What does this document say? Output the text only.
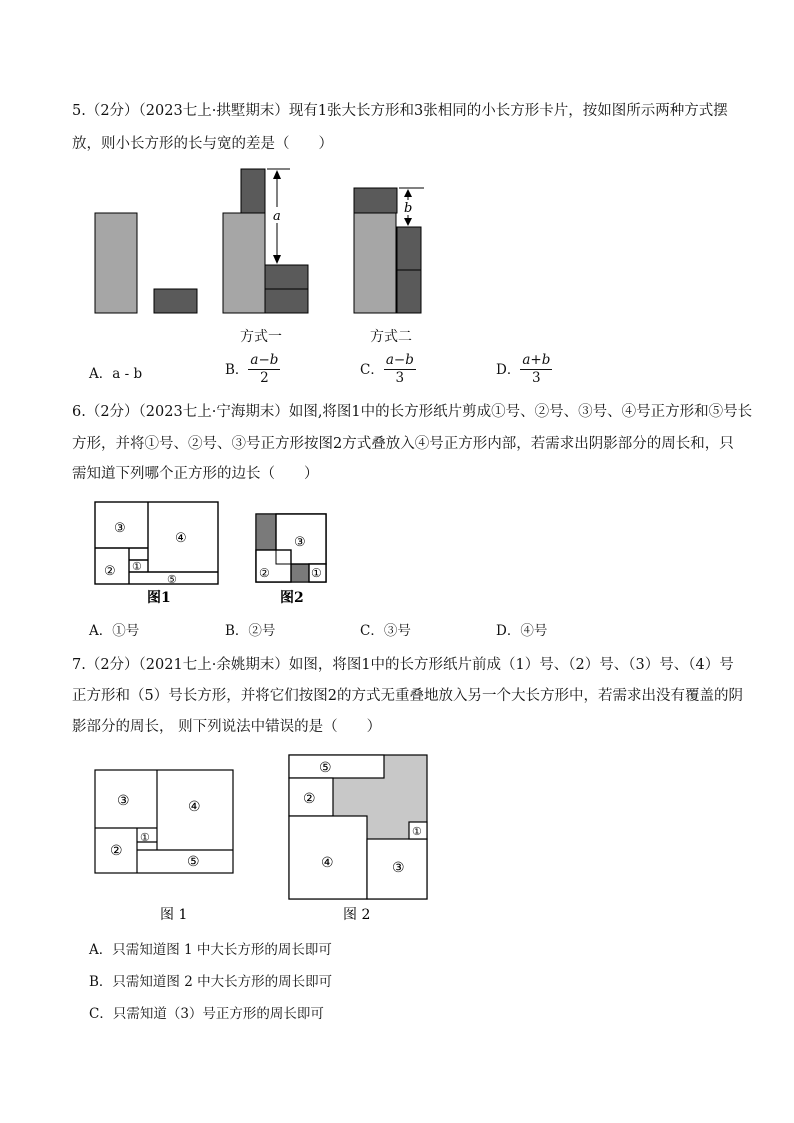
5.（2分）（2023七上·拱墅期末）现有1张大长方形和3张相同的小长方形卡片，按如图所示两种方式摆
放，则小长方形的长与宽的差是（　　）
a
b
方式一	方式二
A．a - b	B． $\frac{a-b}{2}$	C． $\frac{a-b}{3}$	D． $\frac{a+b}{3}$
6.（2分）（2023七上·宁海期末）如图,将图1中的长方形纸片剪成①号、②号、③号、④号正方形和⑤号长
方形，并将①号、②号、③号正方形按图2方式叠放入④号正方形内部，若需求出阴影部分的周长和，只
需知道下列哪个正方形的边长（　　）
③
④
①
②
⑤
图1
③
②	①
图2
A．①号	B．②号	C．③号	D．④号
7.（2分）（2021七上·余姚期末）如图，将图1中的长方形纸片前成（1）号、（2）号、（3）号、（4）号
正方形和（5）号长方形，并将它们按图2的方式无重叠地放入另一个大长方形中，若需求出没有覆盖的阴
影部分的周长， 则下列说法中错误的是（　　）
③	④
①
②
⑤
图 1
⑤
②
④	③
①
图 2
A．只需知道图 1 中大长方形的周长即可
B．只需知道图 2 中大长方形的周长即可
C．只需知道（3）号正方形的周长即可
